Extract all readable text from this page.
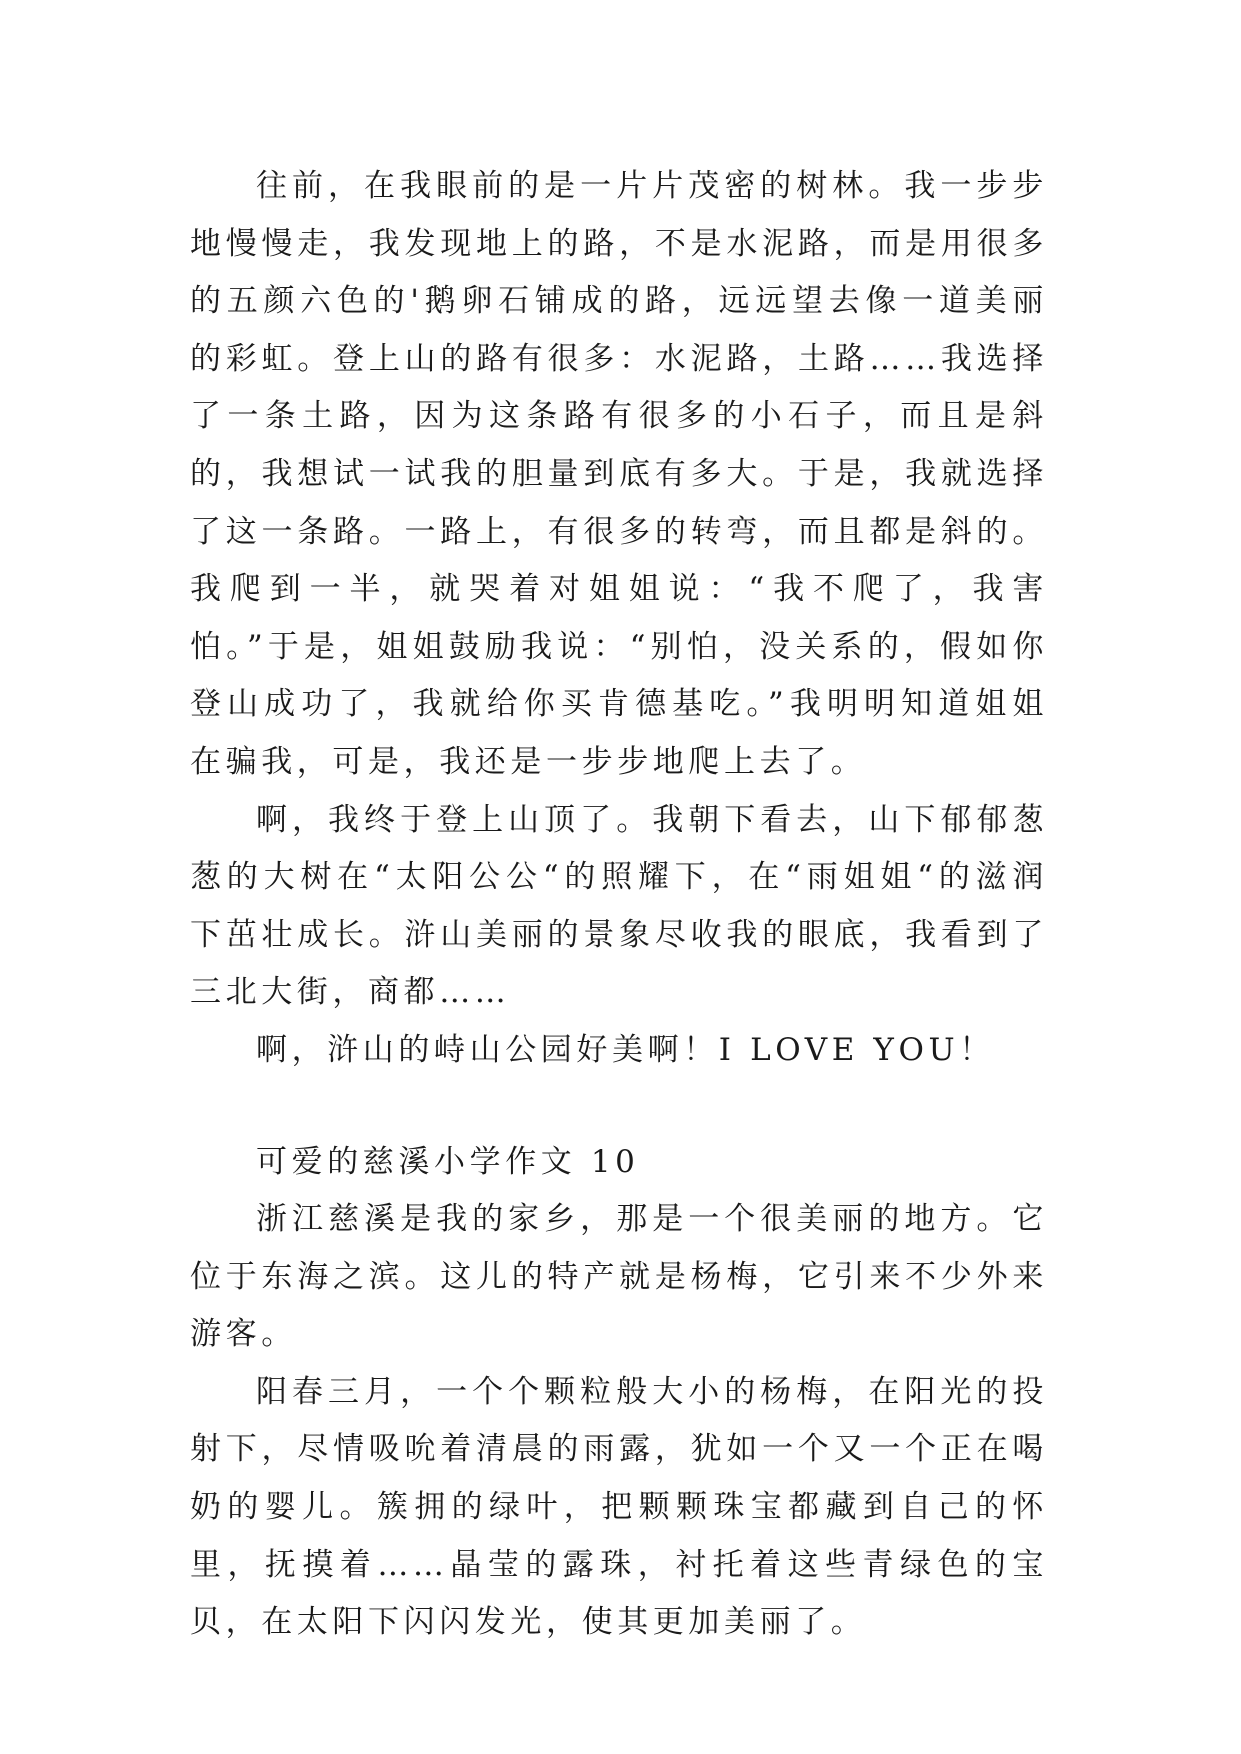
往前，在我眼前的是一片片茂密的树林。我一步步地慢慢走，我发现地上的路，不是水泥路，而是用很多的五颜六色的'鹅卵石铺成的路，远远望去像一道美丽的彩虹。登上山的路有很多：水泥路，土路……我选择了一条土路，因为这条路有很多的小石子，而且是斜的，我想试一试我的胆量到底有多大。于是，我就选择了这一条路。一路上，有很多的转弯，而且都是斜的。我爬到一半，就哭着对姐姐说：“我不爬了，我害怕。”于是，姐姐鼓励我说：“别怕，没关系的，假如你登山成功了，我就给你买肯德基吃。”我明明知道姐姐在骗我，可是，我还是一步步地爬上去了。

啊，我终于登上山顶了。我朝下看去，山下郁郁葱葱的大树在“太阳公公“的照耀下，在“雨姐姐“的滋润下茁壮成长。浒山美丽的景象尽收我的眼底，我看到了三北大街，商都……

啊，浒山的峙山公园好美啊！I LOVE YOU！

可爱的慈溪小学作文 10

浙江慈溪是我的家乡，那是一个很美丽的地方。它位于东海之滨。这儿的特产就是杨梅，它引来不少外来游客。

阳春三月，一个个颗粒般大小的杨梅，在阳光的投射下，尽情吸吮着清晨的雨露，犹如一个又一个正在喝奶的婴儿。簇拥的绿叶，把颗颗珠宝都藏到自己的怀里，抚摸着……晶莹的露珠，衬托着这些青绿色的宝贝，在太阳下闪闪发光，使其更加美丽了。
